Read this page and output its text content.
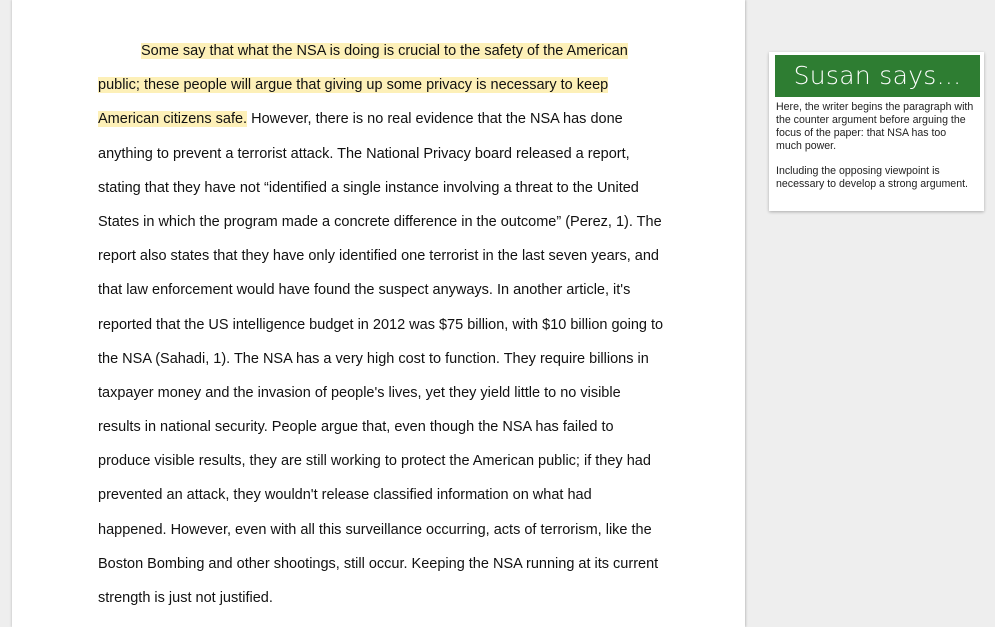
Some say that what the NSA is doing is crucial to the safety of the American
public; these people will argue that giving up some privacy is necessary to keep
American citizens safe. However, there is no real evidence that the NSA has done
anything to prevent a terrorist attack. The National Privacy board released a report,
stating that they have not “identified a single instance involving a threat to the United
States in which the program made a concrete difference in the outcome” (Perez, 1). The
report also states that they have only identified one terrorist in the last seven years, and
that law enforcement would have found the suspect anyways. In another article, it's
reported that the US intelligence budget in 2012 was $75 billion, with $10 billion going to
the NSA (Sahadi, 1). The NSA has a very high cost to function. They require billions in
taxpayer money and the invasion of people's lives, yet they yield little to no visible
results in national security. People argue that, even though the NSA has failed to
produce visible results, they are still working to protect the American public; if they had
prevented an attack, they wouldn't release classified information on what had
happened. However, even with all this surveillance occurring, acts of terrorism, like the
Boston Bombing and other shootings, still occur. Keeping the NSA running at its current
strength is just not justified.
Susan says...

Here, the writer begins the paragraph with the counter argument before arguing the focus of the paper: that NSA has too much power.

Including the opposing viewpoint is necessary to develop a strong argument.
